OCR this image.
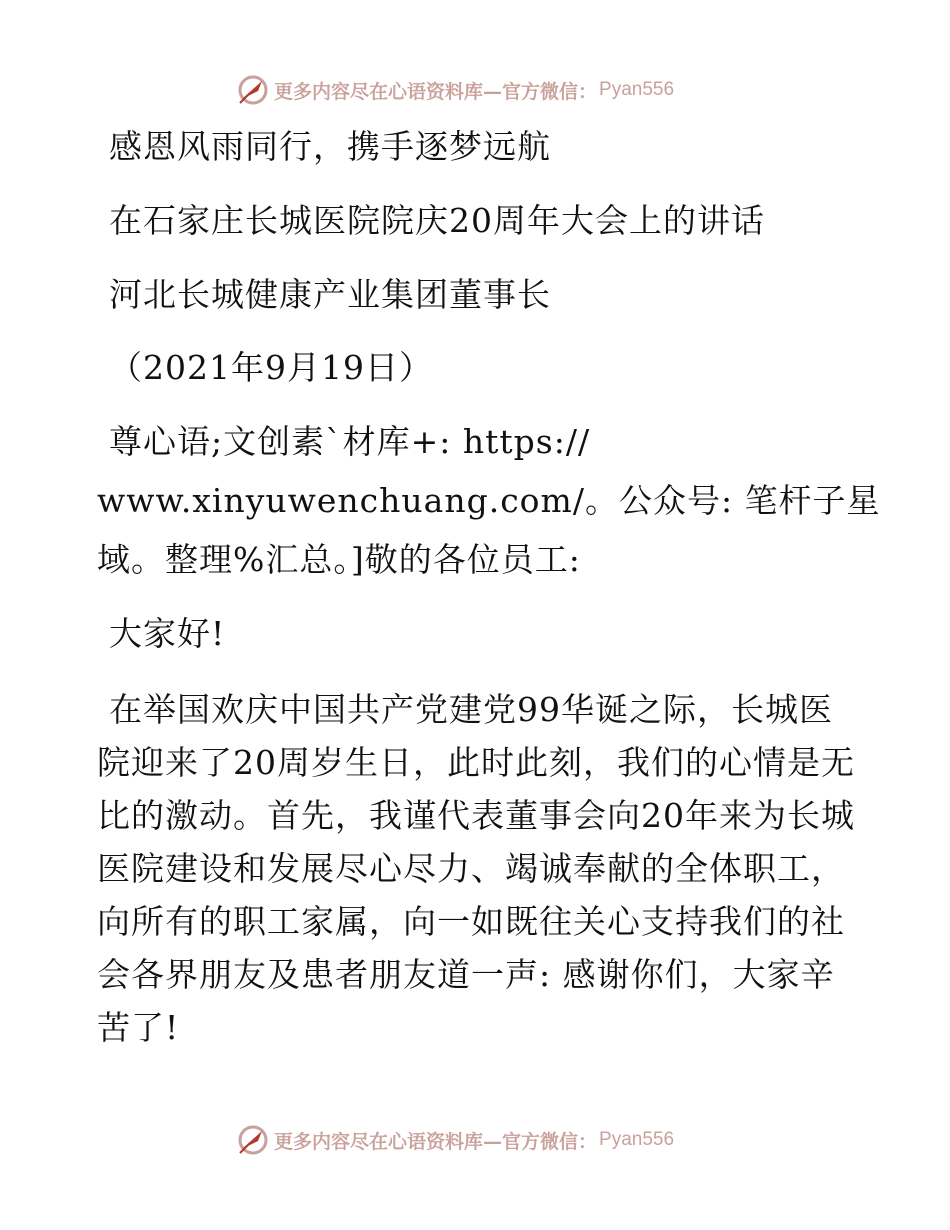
更多内容尽在心语资料库—官方微信： Pyan556
感恩风雨同行，携手逐梦远航
在石家庄长城医院院庆20周年大会上的讲话
河北长城健康产业集团董事长
（2021年9月19日）
尊心语;文创素`材库+: https://
www.xinyuwenchuang.com/。公众号: 笔杆子星
域。整理%汇总。]敬的各位员工:
大家好!

在举国欢庆中国共产党建党99华诞之际，长城医院迎来了20周岁生日，此时此刻，我们的心情是无比的激动。首先，我谨代表董事会向20年来为长城医院建设和发展尽心尽力、竭诚奉献的全体职工，向所有的职工家属，向一如既往关心支持我们的社会各界朋友及患者朋友道一声: 感谢你们，大家辛苦了!

更多内容尽在心语资料库—官方微信： Pyan556
